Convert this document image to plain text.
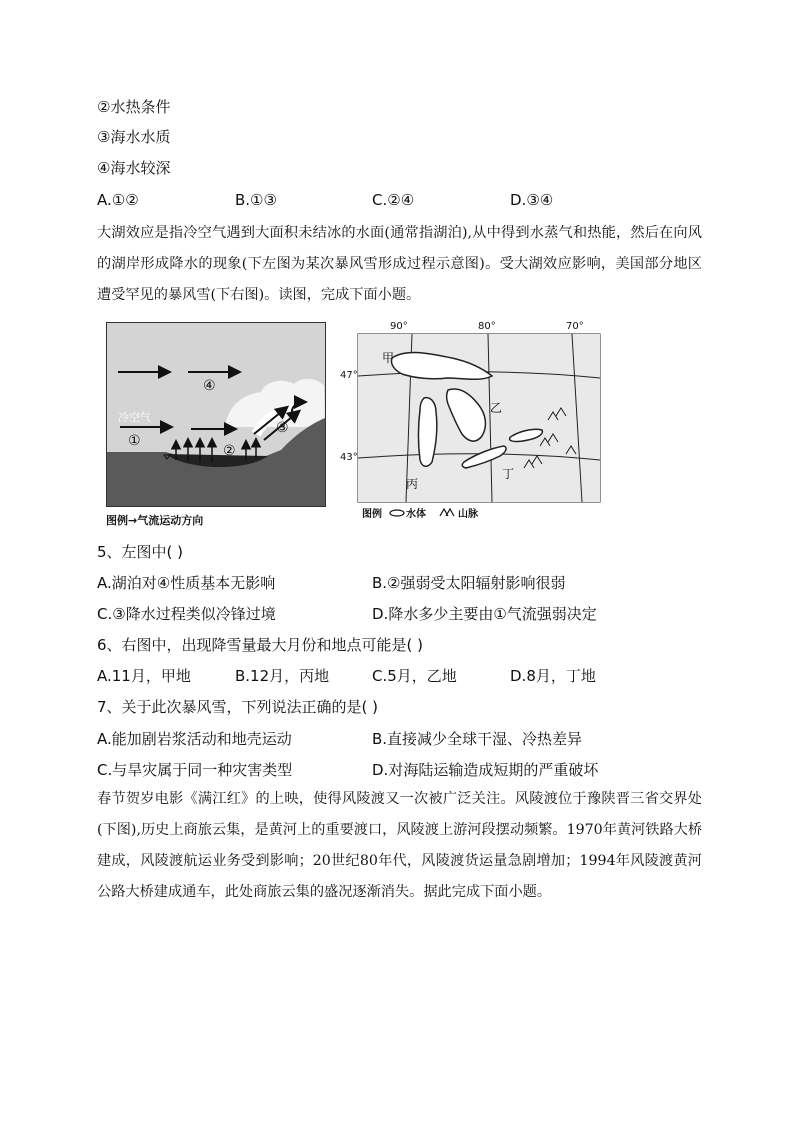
②水热条件
③海水水质
④海水较深
A.①②	B.①③	C.②④	D.③④
大湖效应是指冷空气遇到大面积未结冰的水面(通常指湖泊),从中得到水蒸气和热能，然后在向风的湖岸形成降水的现象(下左图为某次暴风雪形成过程示意图)。受大湖效应影响，美国部分地区遭受罕见的暴风雪(下右图)。读图，完成下面小题。
④
冷空气
①
②
③
图例→气流运动方向
90°	80°	70°
47°
43°
甲
乙
丙
丁
图例 水体	山脉
5、左图中( )
A.湖泊对④性质基本无影响	B.②强弱受太阳辐射影响很弱
C.③降水过程类似冷锋过境	D.降水多少主要由①气流强弱决定
6、右图中，出现降雪量最大月份和地点可能是( )
A.11月，甲地	B.12月，丙地	C.5月，乙地	D.8月，丁地
7、关于此次暴风雪，下列说法正确的是( )
A.能加剧岩浆活动和地壳运动	B.直接减少全球干湿、冷热差异
C.与旱灾属于同一种灾害类型	D.对海陆运输造成短期的严重破坏
春节贺岁电影《满江红》的上映，使得风陵渡又一次被广泛关注。风陵渡位于豫陕晋三省交界处(下图),历史上商旅云集，是黄河上的重要渡口，风陵渡上游河段摆动频繁。1970年黄河铁路大桥建成，风陵渡航运业务受到影响；20世纪80年代，风陵渡货运量急剧增加；1994年风陵渡黄河公路大桥建成通车，此处商旅云集的盛况逐渐消失。据此完成下面小题。
